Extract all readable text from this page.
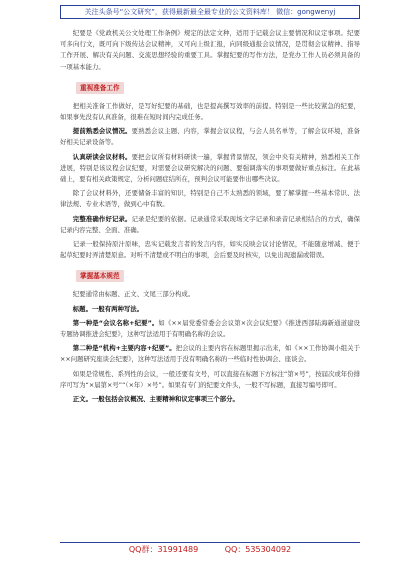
关注头条号“公文研究”，获得最新最全最专业的公文资料库！ 微信：gongwenyj

纪要是《党政机关公文处理工作条例》规定的法定文种，适用于记载会议主要情况和议定事项。纪要可多向行文，既可向下级传达会议精神，又可向上级汇报，向同级通报会议情况，是贯彻会议精神、指导工作开展、解决有关问题、交流思想经验的重要工具。掌握纪要的写作方法，是党办工作人员必须具备的一项基本能力。

重视准备工作

把相关准备工作做好，是写好纪要的基础，也是提高撰写效率的前提。特别是一些比较紧急的纪要，如果事先没有认真准备，很难在短时间内完成任务。

提前熟悉会议情况。要熟悉会议主题、内容，掌握会议议程，与会人员名单等，了解会议环境，准备好相关记录设备等。

认真研读会议材料。要把会议所有材料研读一遍，掌握背景情况，领会中央有关精神，熟悉相关工作进展，特别是该议程会议纪要，对需要会议研究解决的问题、要强调落实的事项要做好重点标注。在此基础上，要有相关政策规定，分析问题症结所在，预判会议可能要作出哪些决议。

除了会议材料外，还要储备丰富的知识，特别是自己不太熟悉的领域，要了解掌握一些基本常识、法律法规、专业术语等，做到心中有数。

完整准确作好记录。记录是纪要的依据。记录通常采取现场文字记录和录音记录相结合的方式，确保记录内容完整、全面、准确。

记录一般保持原汁原味，忠实记载发言者的发言内容，如实反映会议讨论情况，不能随意增减、便于起草纪要时弄清楚原意。对听不清楚或不明白的事项，会后要及时核实，以免出现遗漏或错误。

掌握基本规范

纪要通常由标题、正文、文尾三部分构成。

标题。一般有两种写法。

第一种是“会议名称+纪要”。如《××届党委常委会会议第×次会议纪要》《推进西部陆海新通道建设专题协调推进会纪要》，这种写法适用于有明确名称的会议。

第二种是“机构+主要内容+纪要”。把会议的主要内容在标题里揭示出来，如《××工作协调小组关于××问题研究座谈会纪要》，这种写法适用于没有明确名称的一些临时性协调会、座谈会。

如果是常规性、系列性的会议，一般还要有文号，可以直接在标题下方标注“第×号”，按届次或年份排序可写为“×届第×号”“（×年）×号”。如果有专门的纪要文件头，一般不写标题，直接写编号即可。

正文。一般包括会议概况、主要精神和议定事项三个部分。

QQ群：31991489	QQ：535304092
